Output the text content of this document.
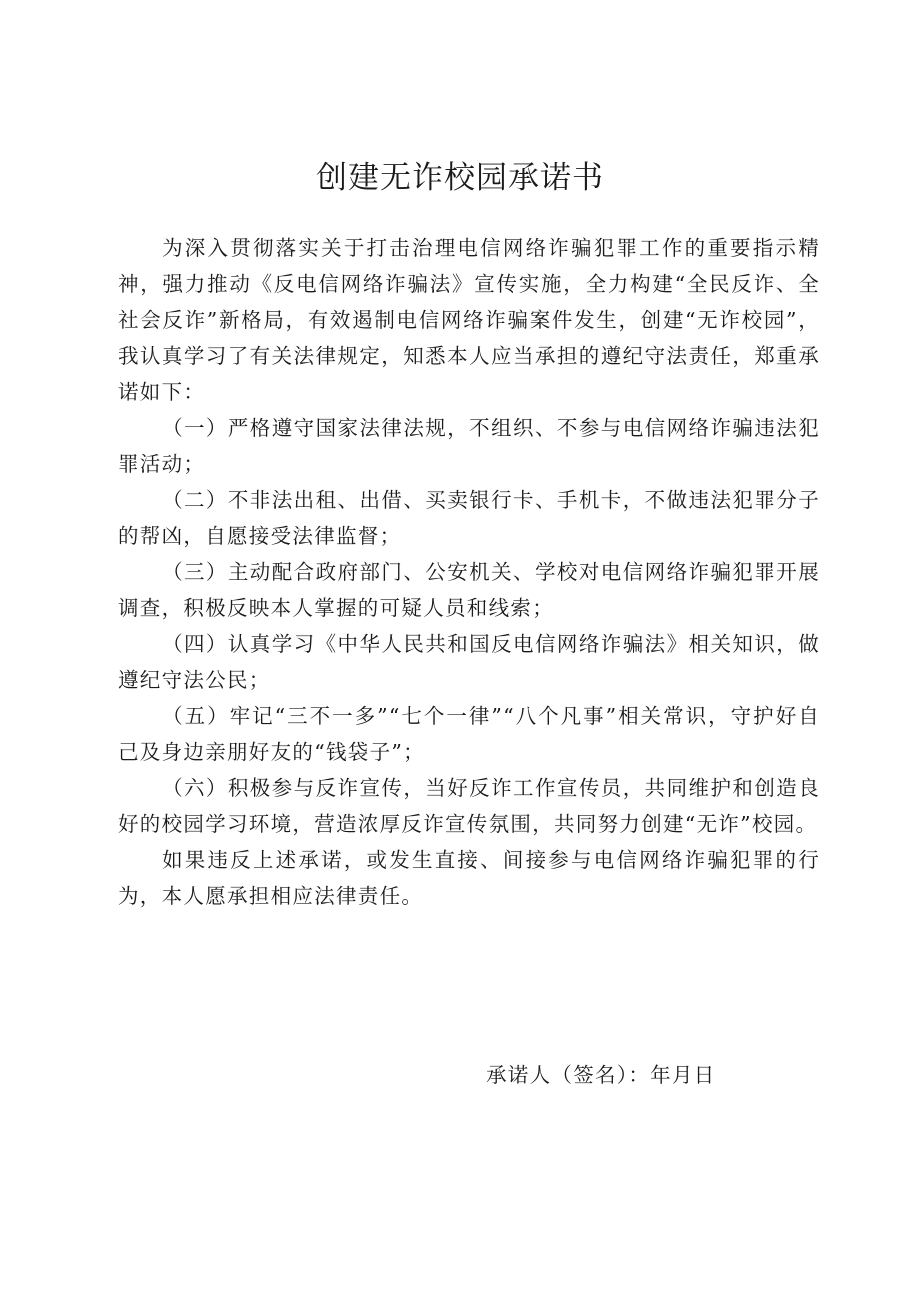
创建无诈校园承诺书

为深入贯彻落实关于打击治理电信网络诈骗犯罪工作的重要指示精神，强力推动《反电信网络诈骗法》宣传实施，全力构建“全民反诈、全社会反诈”新格局，有效遏制电信网络诈骗案件发生，创建“无诈校园”，我认真学习了有关法律规定，知悉本人应当承担的遵纪守法责任，郑重承诺如下：

（一）严格遵守国家法律法规，不组织、不参与电信网络诈骗违法犯罪活动；

（二）不非法出租、出借、买卖银行卡、手机卡，不做违法犯罪分子的帮凶，自愿接受法律监督；

（三）主动配合政府部门、公安机关、学校对电信网络诈骗犯罪开展调查，积极反映本人掌握的可疑人员和线索；

（四）认真学习《中华人民共和国反电信网络诈骗法》相关知识，做遵纪守法公民；

（五）牢记“三不一多”“七个一律”“八个凡事”相关常识，守护好自己及身边亲朋好友的“钱袋子”；

（六）积极参与反诈宣传，当好反诈工作宣传员，共同维护和创造良好的校园学习环境，营造浓厚反诈宣传氛围，共同努力创建“无诈”校园。

如果违反上述承诺，或发生直接、间接参与电信网络诈骗犯罪的行为，本人愿承担相应法律责任。

承诺人（签名）：年月日
